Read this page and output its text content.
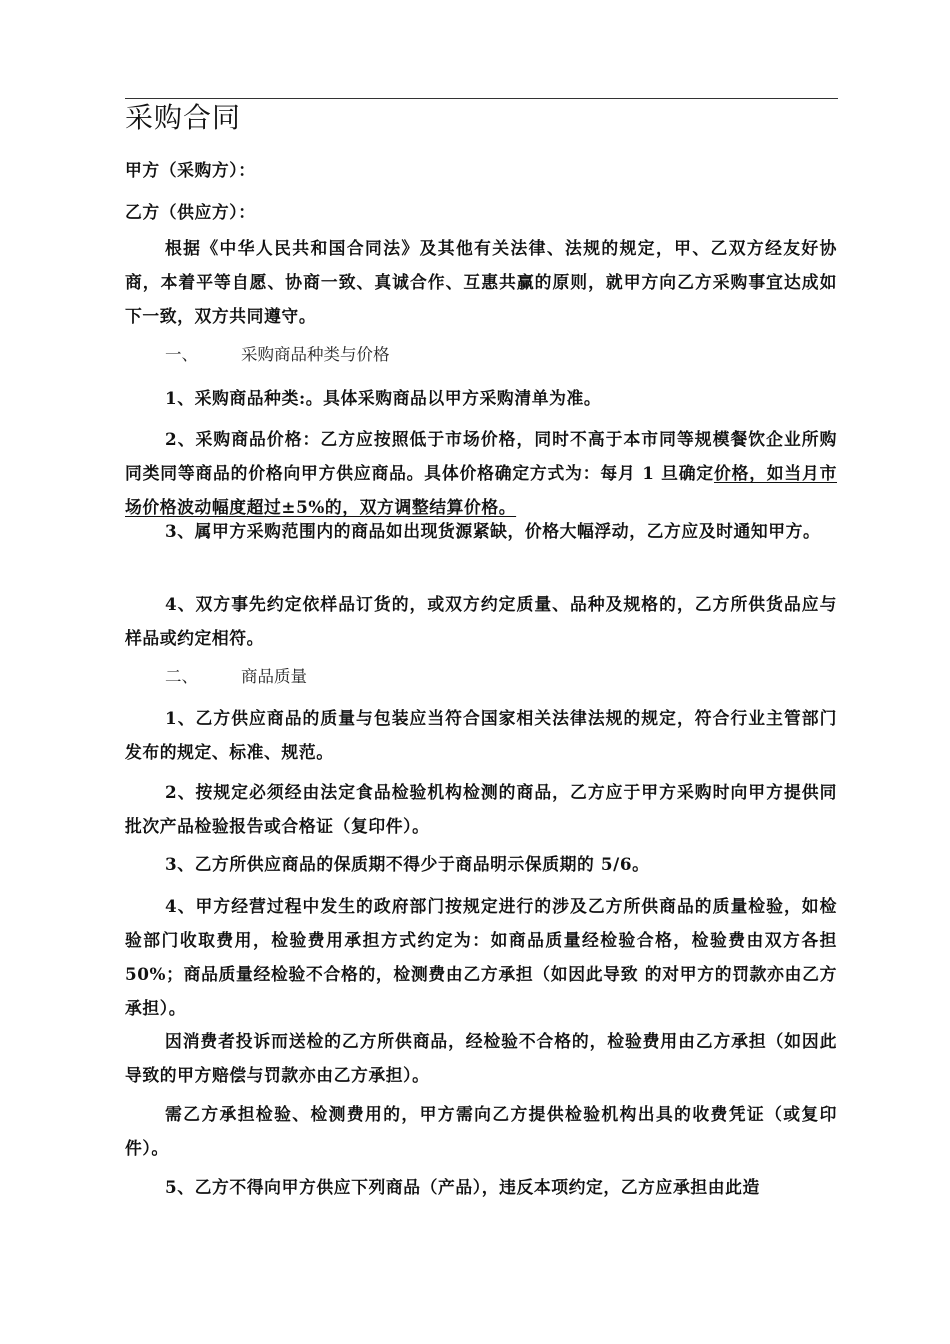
采购合同

甲方（采购方）：

乙方（供应方）：

根据《中华人民共和国合同法》及其他有关法律、法规的规定，甲、乙双方经友好协商，本着平等自愿、协商一致、真诚合作、互惠共赢的原则，就甲方向乙方采购事宜达成如下一致，双方共同遵守。

一、	采购商品种类与价格

1、采购商品种类:。具体采购商品以甲方采购清单为准。

2、采购商品价格：乙方应按照低于市场价格，同时不高于本市同等规模餐饮企业所购同类同等商品的价格向甲方供应商品。具体价格确定方式为：每月 1 旦确定价格，如当月市场价格波动幅度超过±5%的，双方调整结算价格。

3、属甲方采购范围内的商品如出现货源紧缺，价格大幅浮动，乙方应及时通知甲方。

4、双方事先约定依样品订货的，或双方约定质量、品种及规格的，乙方所供货品应与样品或约定相符。

二、	商品质量

1、乙方供应商品的质量与包装应当符合国家相关法律法规的规定，符合行业主管部门发布的规定、标准、规范。

2、按规定必须经由法定食品检验机构检测的商品，乙方应于甲方采购时向甲方提供同批次产品检验报告或合格证（复印件）。

3、乙方所供应商品的保质期不得少于商品明示保质期的 5/6。

4、甲方经营过程中发生的政府部门按规定进行的涉及乙方所供商品的质量检验，如检验部门收取费用，检验费用承担方式约定为：如商品质量经检验合格，检验费由双方各担 50%；商品质量经检验不合格的，检测费由乙方承担（如因此导致 的对甲方的罚款亦由乙方承担）。

因消费者投诉而送检的乙方所供商品，经检验不合格的，检验费用由乙方承担（如因此导致的甲方赔偿与罚款亦由乙方承担）。

需乙方承担检验、检测费用的，甲方需向乙方提供检验机构出具的收费凭证（或复印件）。

5、乙方不得向甲方供应下列商品（产品），违反本项约定，乙方应承担由此造
